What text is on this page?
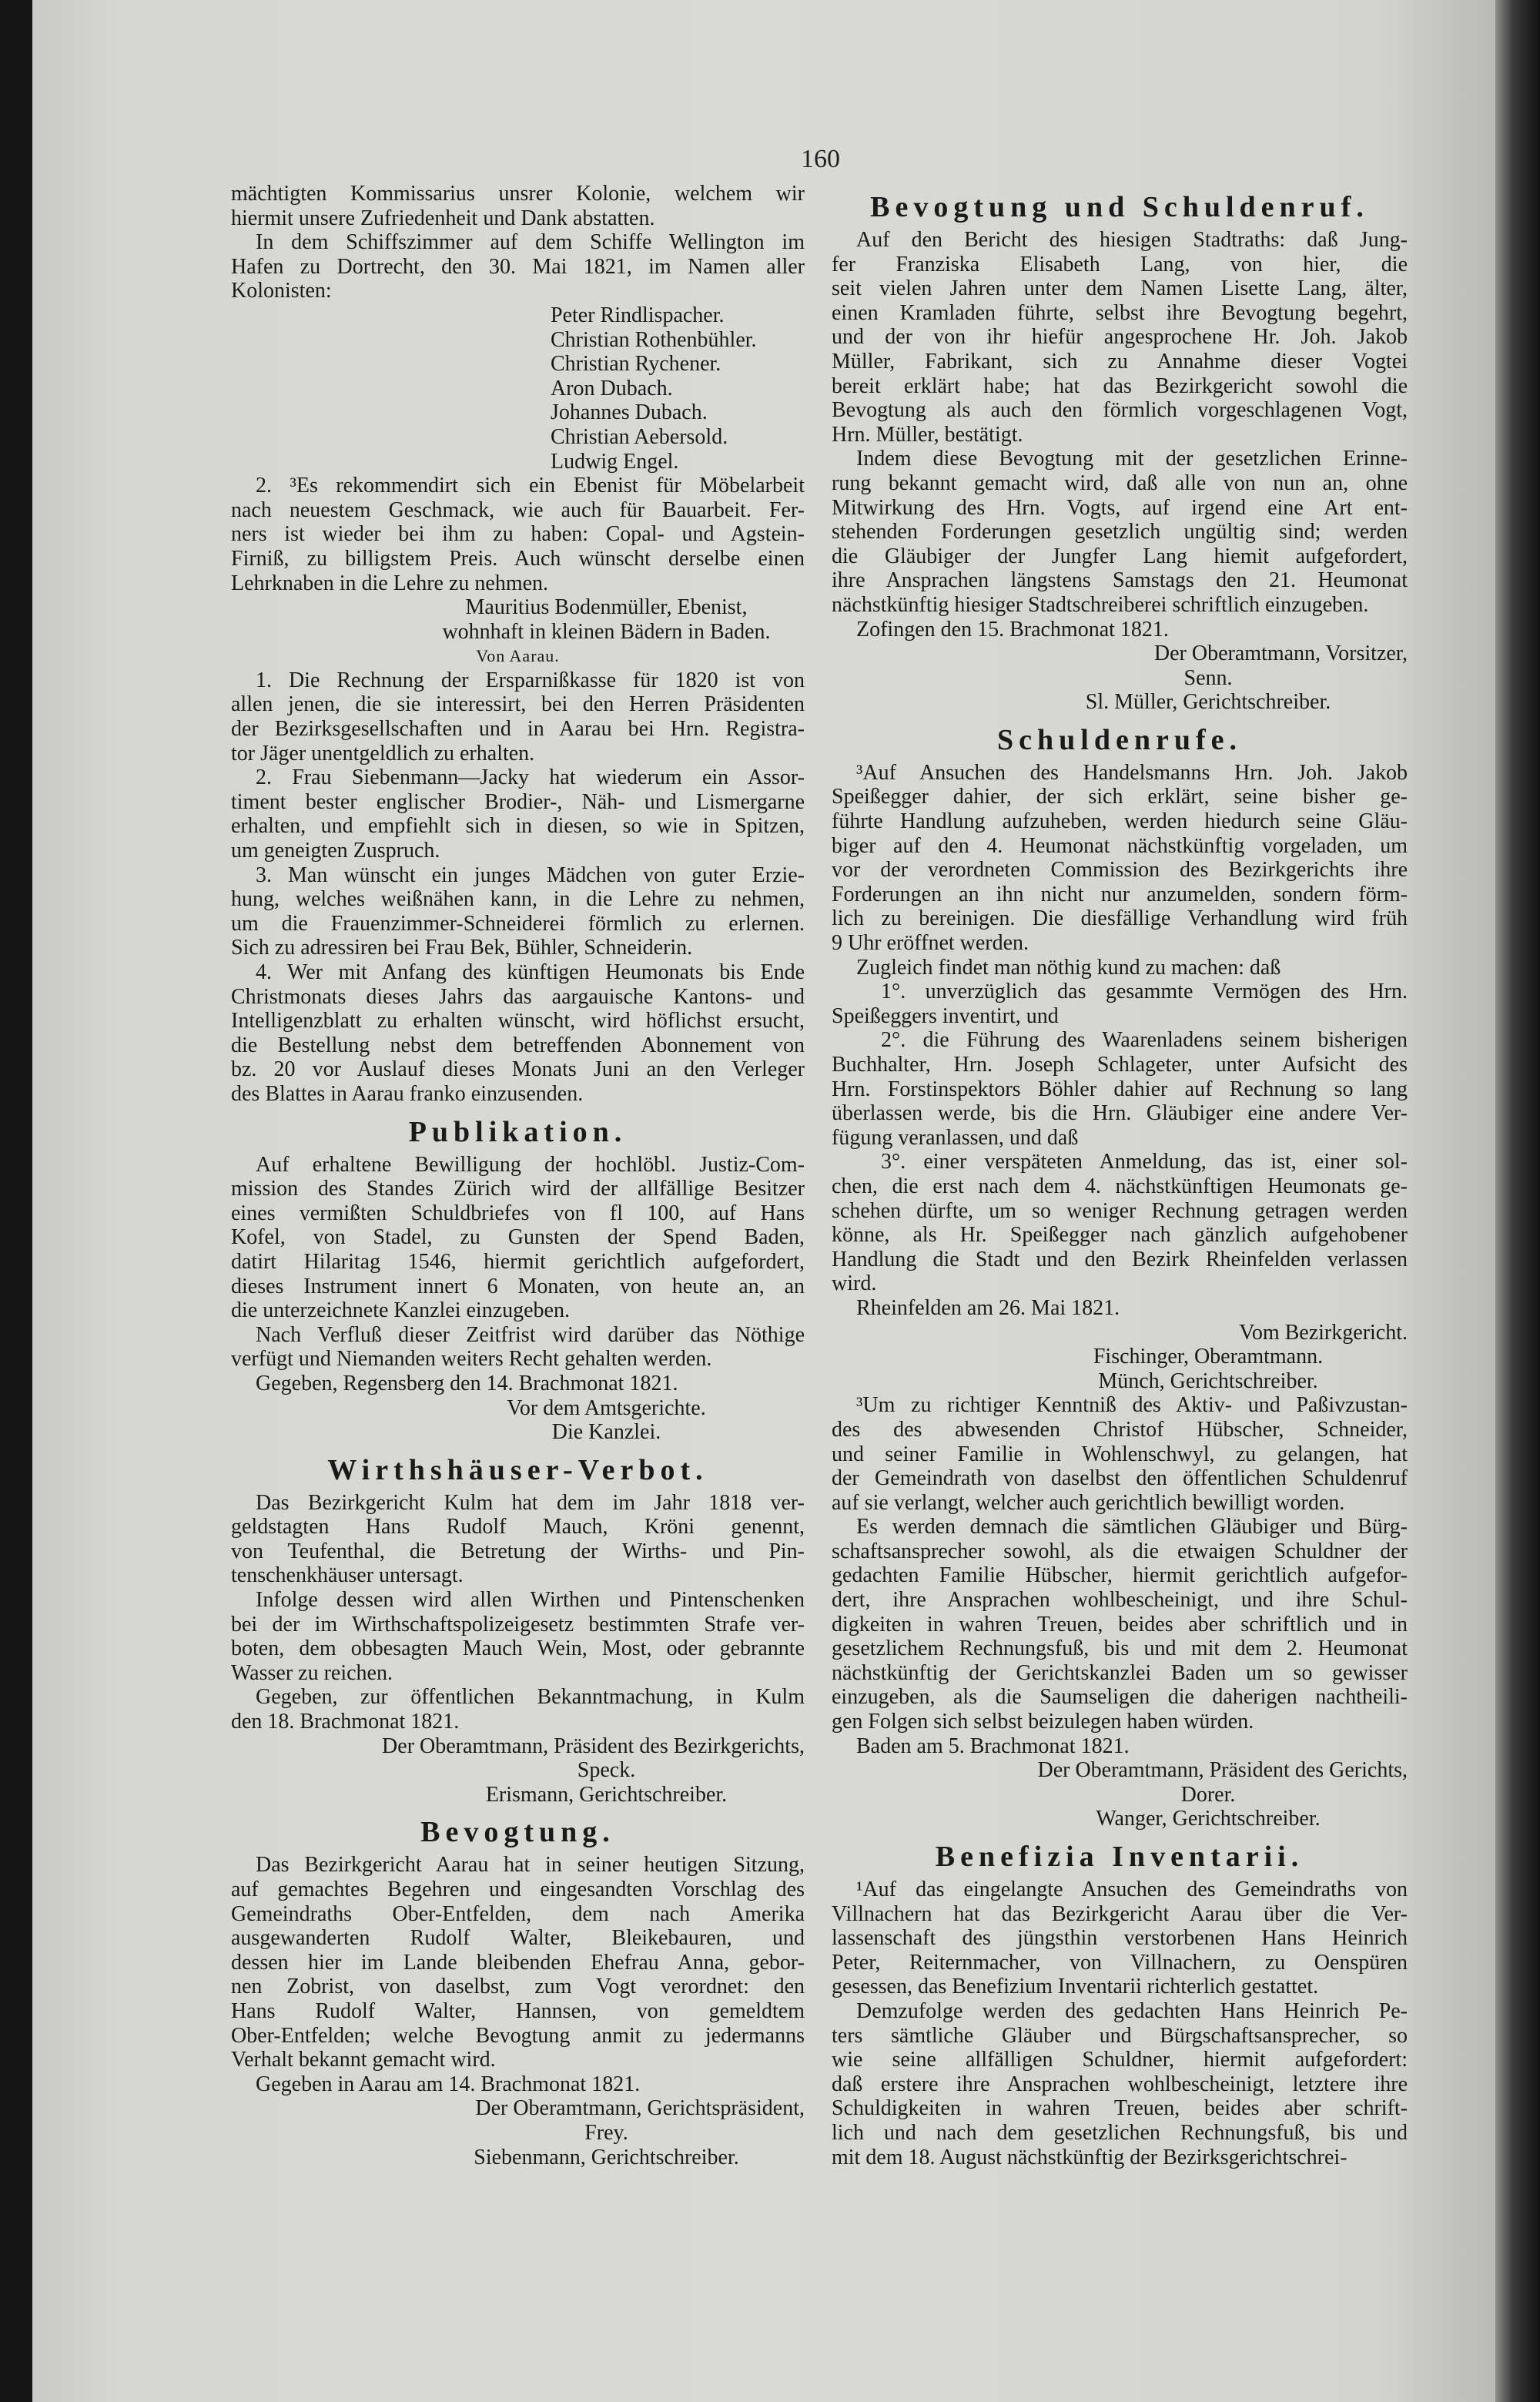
160
mächtigten Kommissarius unsrer Kolonie, welchem wir
hiermit unsere Zufriedenheit und Dank abstatten.
In dem Schiffszimmer auf dem Schiffe Wellington im
Hafen zu Dortrecht, den 30. Mai 1821, im Namen aller
Kolonisten:
Peter Rindlispacher.
Christian Rothenbühler.
Christian Rychener.
Aron Dubach.
Johannes Dubach.
Christian Aebersold.
Ludwig Engel.
2. ³Es rekommendirt sich ein Ebenist für Möbelarbeit
nach neuestem Geschmack, wie auch für Bauarbeit. Fer-
ners ist wieder bei ihm zu haben: Copal- und Agstein-
Firniß, zu billigstem Preis. Auch wünscht derselbe einen
Lehrknaben in die Lehre zu nehmen.
Mauritius Bodenmüller, Ebenist,
wohnhaft in kleinen Bädern in Baden.
Von Aarau.
1. Die Rechnung der Ersparnißkasse für 1820 ist von
allen jenen, die sie interessirt, bei den Herren Präsidenten
der Bezirksgesellschaften und in Aarau bei Hrn. Registra-
tor Jäger unentgeldlich zu erhalten.
2. Frau Siebenmann—Jacky hat wiederum ein Assor-
timent bester englischer Brodier-, Näh- und Lismergarne
erhalten, und empfiehlt sich in diesen, so wie in Spitzen,
um geneigten Zuspruch.
3. Man wünscht ein junges Mädchen von guter Erzie-
hung, welches weißnähen kann, in die Lehre zu nehmen,
um die Frauenzimmer-Schneiderei förmlich zu erlernen.
Sich zu adressiren bei Frau Bek, Bühler, Schneiderin.
4. Wer mit Anfang des künftigen Heumonats bis Ende
Christmonats dieses Jahrs das aargauische Kantons- und
Intelligenzblatt zu erhalten wünscht, wird höflichst ersucht,
die Bestellung nebst dem betreffenden Abonnement von
bz. 20 vor Auslauf dieses Monats Juni an den Verleger
des Blattes in Aarau franko einzusenden.
Publikation.
Auf erhaltene Bewilligung der hochlöbl. Justiz-Com-
mission des Standes Zürich wird der allfällige Besitzer
eines vermißten Schuldbriefes von fl 100, auf Hans
Kofel, von Stadel, zu Gunsten der Spend Baden,
datirt Hilaritag 1546, hiermit gerichtlich aufgefordert,
dieses Instrument innert 6 Monaten, von heute an, an
die unterzeichnete Kanzlei einzugeben.
Nach Verfluß dieser Zeitfrist wird darüber das Nöthige
verfügt und Niemanden weiters Recht gehalten werden.
Gegeben, Regensberg den 14. Brachmonat 1821.
Vor dem Amtsgerichte.
Die Kanzlei.
Wirthshäuser-Verbot.
Das Bezirkgericht Kulm hat dem im Jahr 1818 ver-
geldstagten Hans Rudolf Mauch, Kröni genennt,
von Teufenthal, die Betretung der Wirths- und Pin-
tenschenkhäuser untersagt.
Infolge dessen wird allen Wirthen und Pintenschenken
bei der im Wirthschaftspolizeigesetz bestimmten Strafe ver-
boten, dem obbesagten Mauch Wein, Most, oder gebrannte
Wasser zu reichen.
Gegeben, zur öffentlichen Bekanntmachung, in Kulm
den 18. Brachmonat 1821.
Der Oberamtmann, Präsident des Bezirkgerichts,
Speck.
Erismann, Gerichtschreiber.
Bevogtung.
Das Bezirkgericht Aarau hat in seiner heutigen Sitzung,
auf gemachtes Begehren und eingesandten Vorschlag des
Gemeindraths Ober-Entfelden, dem nach Amerika
ausgewanderten Rudolf Walter, Bleikebauren, und
dessen hier im Lande bleibenden Ehefrau Anna, gebor-
nen Zobrist, von daselbst, zum Vogt verordnet: den
Hans Rudolf Walter, Hannsen, von gemeldtem
Ober-Entfelden; welche Bevogtung anmit zu jedermanns
Verhalt bekannt gemacht wird.
Gegeben in Aarau am 14. Brachmonat 1821.
Der Oberamtmann, Gerichtspräsident,
Frey.
Siebenmann, Gerichtschreiber.
Bevogtung und Schuldenruf.
Auf den Bericht des hiesigen Stadtraths: daß Jung-
fer Franziska Elisabeth Lang, von hier, die
seit vielen Jahren unter dem Namen Lisette Lang, älter,
einen Kramladen führte, selbst ihre Bevogtung begehrt,
und der von ihr hiefür angesprochene Hr. Joh. Jakob
Müller, Fabrikant, sich zu Annahme dieser Vogtei
bereit erklärt habe; hat das Bezirkgericht sowohl die
Bevogtung als auch den förmlich vorgeschlagenen Vogt,
Hrn. Müller, bestätigt.
Indem diese Bevogtung mit der gesetzlichen Erinne-
rung bekannt gemacht wird, daß alle von nun an, ohne
Mitwirkung des Hrn. Vogts, auf irgend eine Art ent-
stehenden Forderungen gesetzlich ungültig sind; werden
die Gläubiger der Jungfer Lang hiemit aufgefordert,
ihre Ansprachen längstens Samstags den 21. Heumonat
nächstkünftig hiesiger Stadtschreiberei schriftlich einzugeben.
Zofingen den 15. Brachmonat 1821.
Der Oberamtmann, Vorsitzer,
Senn.
Sl. Müller, Gerichtschreiber.
Schuldenrufe.
³Auf Ansuchen des Handelsmanns Hrn. Joh. Jakob
Speißegger dahier, der sich erklärt, seine bisher ge-
führte Handlung aufzuheben, werden hiedurch seine Gläu-
biger auf den 4. Heumonat nächstkünftig vorgeladen, um
vor der verordneten Commission des Bezirkgerichts ihre
Forderungen an ihn nicht nur anzumelden, sondern förm-
lich zu bereinigen. Die diesfällige Verhandlung wird früh
9 Uhr eröffnet werden.
Zugleich findet man nöthig kund zu machen: daß
1°. unverzüglich das gesammte Vermögen des Hrn.
Speißeggers inventirt, und
2°. die Führung des Waarenladens seinem bisherigen
Buchhalter, Hrn. Joseph Schlageter, unter Aufsicht des
Hrn. Forstinspektors Böhler dahier auf Rechnung so lang
überlassen werde, bis die Hrn. Gläubiger eine andere Ver-
fügung veranlassen, und daß
3°. einer verspäteten Anmeldung, das ist, einer sol-
chen, die erst nach dem 4. nächstkünftigen Heumonats ge-
schehen dürfte, um so weniger Rechnung getragen werden
könne, als Hr. Speißegger nach gänzlich aufgehobener
Handlung die Stadt und den Bezirk Rheinfelden verlassen
wird.
Rheinfelden am 26. Mai 1821.
Vom Bezirkgericht.
Fischinger, Oberamtmann.
Münch, Gerichtschreiber.
³Um zu richtiger Kenntniß des Aktiv- und Paßivzustan-
des des abwesenden Christof Hübscher, Schneider,
und seiner Familie in Wohlenschwyl, zu gelangen, hat
der Gemeindrath von daselbst den öffentlichen Schuldenruf
auf sie verlangt, welcher auch gerichtlich bewilligt worden.
Es werden demnach die sämtlichen Gläubiger und Bürg-
schaftsansprecher sowohl, als die etwaigen Schuldner der
gedachten Familie Hübscher, hiermit gerichtlich aufgefor-
dert, ihre Ansprachen wohlbescheinigt, und ihre Schul-
digkeiten in wahren Treuen, beides aber schriftlich und in
gesetzlichem Rechnungsfuß, bis und mit dem 2. Heumonat
nächstkünftig der Gerichtskanzlei Baden um so gewisser
einzugeben, als die Saumseligen die daherigen nachtheili-
gen Folgen sich selbst beizulegen haben würden.
Baden am 5. Brachmonat 1821.
Der Oberamtmann, Präsident des Gerichts,
Dorer.
Wanger, Gerichtschreiber.
Benefizia Inventarii.
¹Auf das eingelangte Ansuchen des Gemeindraths von
Villnachern hat das Bezirkgericht Aarau über die Ver-
lassenschaft des jüngsthin verstorbenen Hans Heinrich
Peter, Reiternmacher, von Villnachern, zu Oenspüren
gesessen, das Benefizium Inventarii richterlich gestattet.
Demzufolge werden des gedachten Hans Heinrich Pe-
ters sämtliche Gläuber und Bürgschaftsansprecher, so
wie seine allfälligen Schuldner, hiermit aufgefordert:
daß erstere ihre Ansprachen wohlbescheinigt, letztere ihre
Schuldigkeiten in wahren Treuen, beides aber schrift-
lich und nach dem gesetzlichen Rechnungsfuß, bis und
mit dem 18. August nächstkünftig der Bezirksgerichtschrei-
